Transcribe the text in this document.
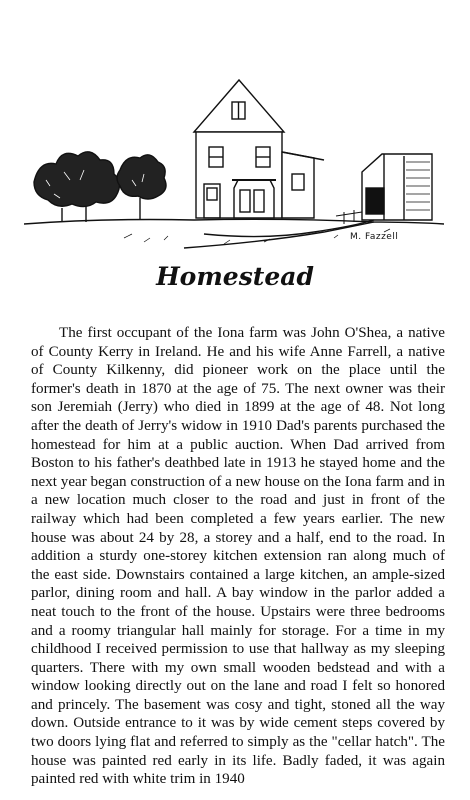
M. Fazzell
Homestead

The first occupant of the Iona farm was John O'Shea, a native of County Kerry in Ireland. He and his wife Anne Farrell, a native of County Kilkenny, did pioneer work on the place until the former's death in 1870 at the age of 75. The next owner was their son Jeremiah (Jerry) who died in 1899 at the age of 48. Not long after the death of Jerry's widow in 1910 Dad's parents purchased the homestead for him at a public auction. When Dad arrived from Boston to his father's deathbed late in 1913 he stayed home and the next year began construction of a new house on the Iona farm and in a new location much closer to the road and just in front of the railway which had been completed a few years earlier. The new house was about 24 by 28, a storey and a half, end to the road. In addition a sturdy one-storey kitchen extension ran along much of the east side. Downstairs contained a large kitchen, an ample-sized parlor, dining room and hall. A bay window in the parlor added a neat touch to the front of the house. Upstairs were three bedrooms and a roomy triangular hall mainly for storage. For a time in my childhood I received permission to use that hallway as my sleeping quarters. There with my own small wooden bedstead and with a window looking directly out on the lane and road I felt so honored and princely. The basement was cosy and tight, stoned all the way down. Outside entrance to it was by wide cement steps covered by two doors lying flat and referred to simply as the "cellar hatch". The house was painted red early in its life. Badly faded, it was again painted red with white trim in 1940
